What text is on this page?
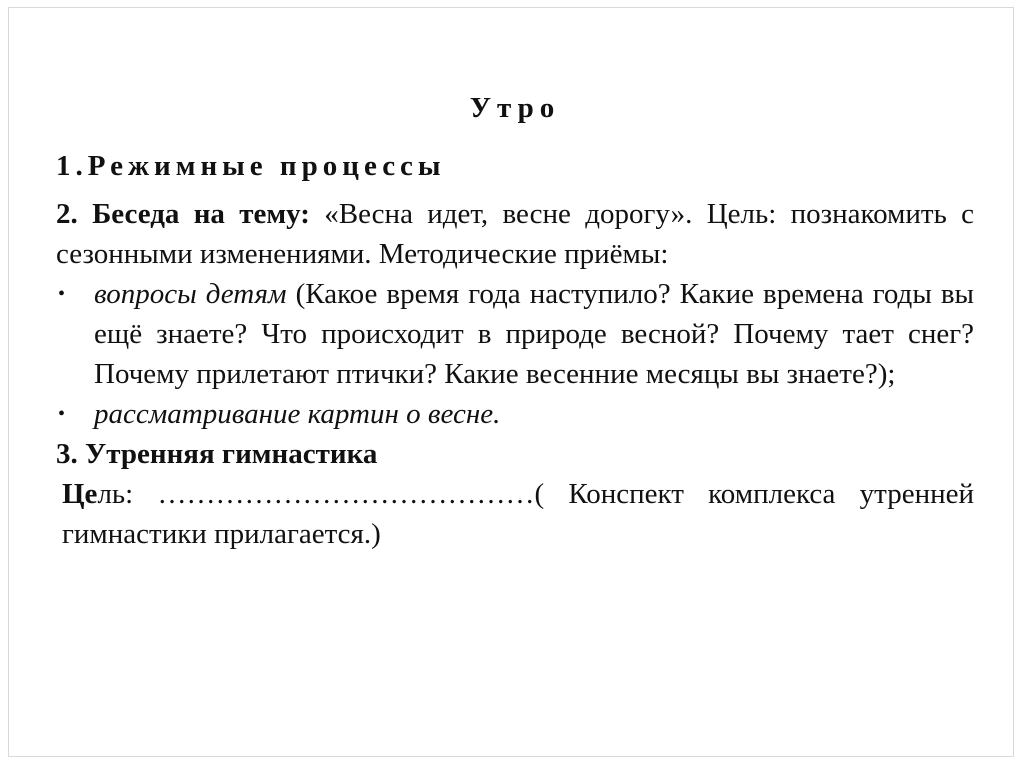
Утро
1.Режимные процессы

2. Беседа на тему: «Весна идет, весне дорогу». Цель: познакомить с сезонными изменениями. Методические приёмы:

• вопросы детям (Какое время года наступило? Какие времена годы вы ещё знаете? Что происходит в природе весной? Почему тает снег? Почему прилетают птички? Какие весенние месяцы вы знаете?);
• рассматривание картин о весне.
3. Утренняя гимнастика

Цель: …………………………………( Конспект комплекса утренней гимнастики прилагается.)
